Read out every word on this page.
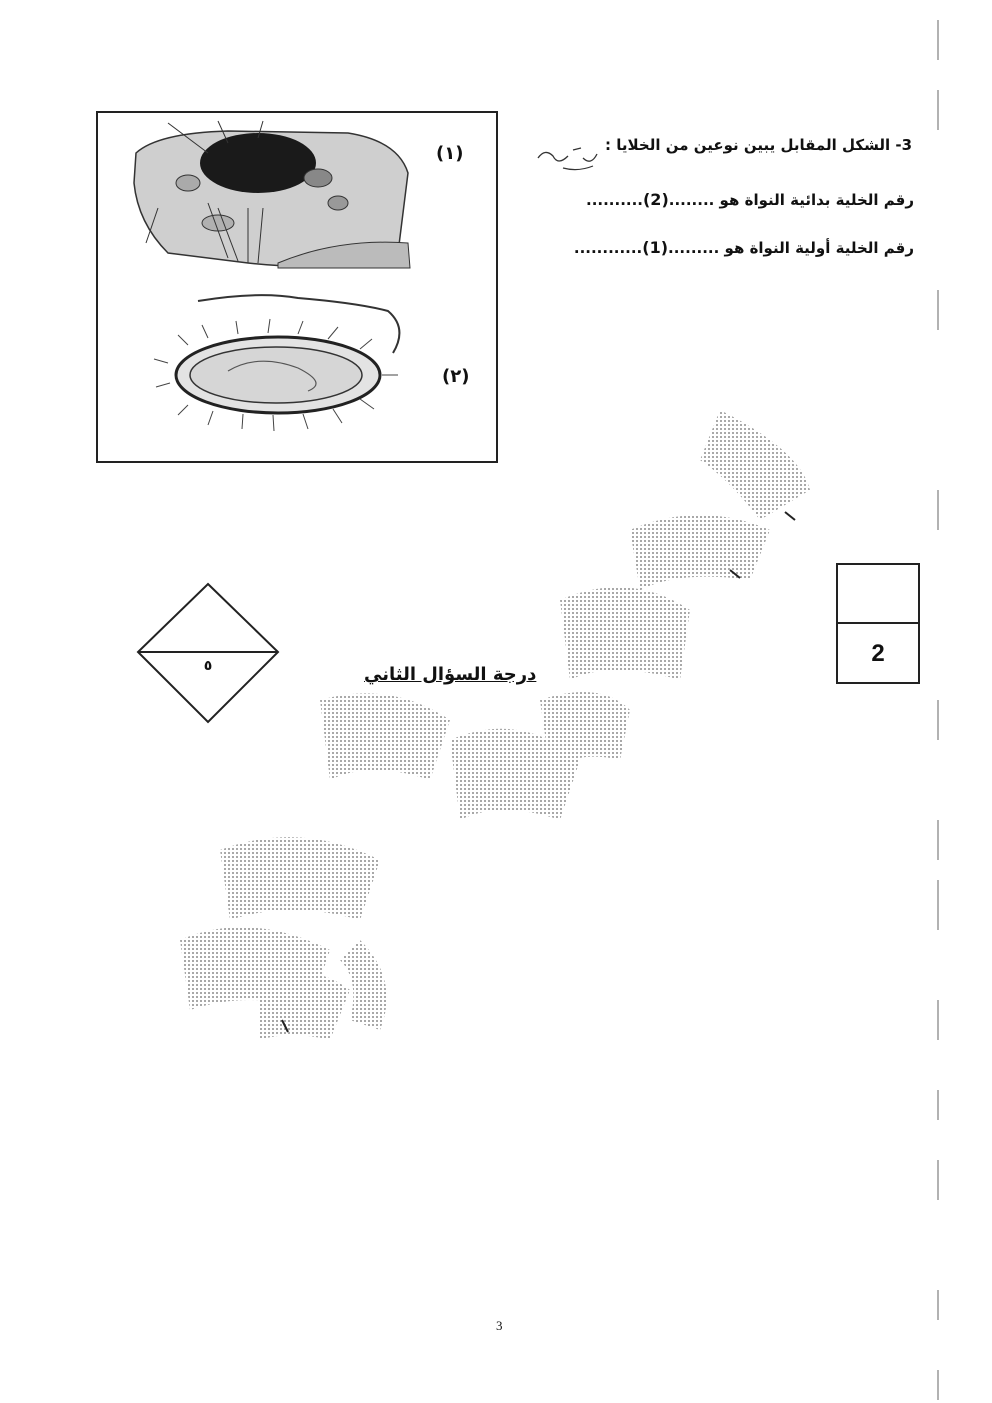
(١)
(٢)
3- الشكل المقابل يبين نوعين من الخلايا :
رقم الخلية بدائية النواة هو ........(2)..........
رقم الخلية أولية النواة هو .........(1)............
2
٥	درجة السؤال الثاني
3
